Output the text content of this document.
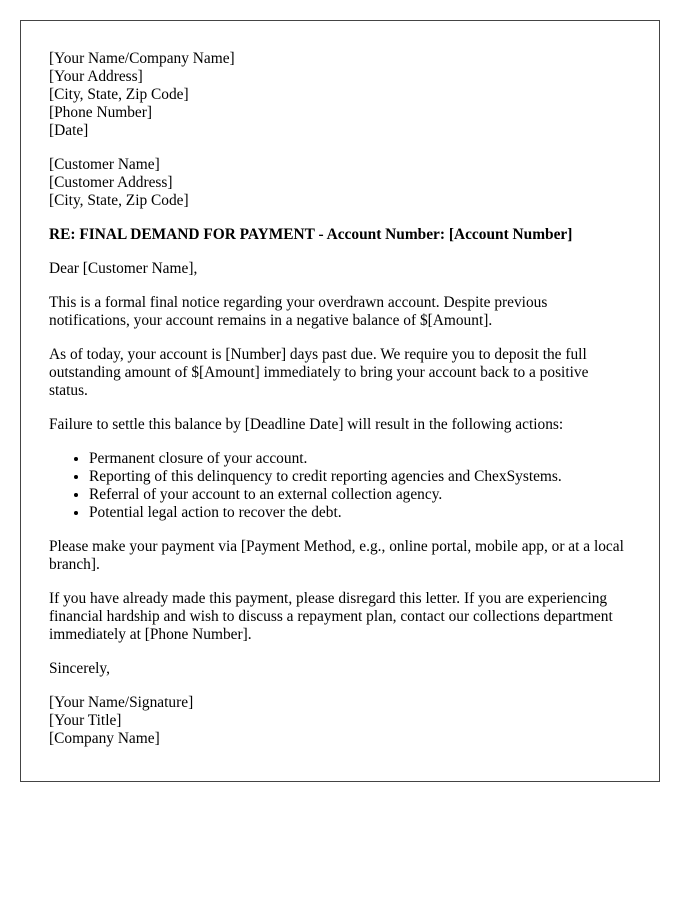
[Your Name/Company Name]
[Your Address]
[City, State, Zip Code]
[Phone Number]
[Date]
[Customer Name]
[Customer Address]
[City, State, Zip Code]
RE: FINAL DEMAND FOR PAYMENT - Account Number: [Account Number]

Dear [Customer Name],

This is a formal final notice regarding your overdrawn account. Despite previous notifications, your account remains in a negative balance of $[Amount].

As of today, your account is [Number] days past due. We require you to deposit the full outstanding amount of $[Amount] immediately to bring your account back to a positive status.

Failure to settle this balance by [Deadline Date] will result in the following actions:

• Permanent closure of your account.
• Reporting of this delinquency to credit reporting agencies and ChexSystems.
• Referral of your account to an external collection agency.
• Potential legal action to recover the debt.

Please make your payment via [Payment Method, e.g., online portal, mobile app, or at a local branch].

If you have already made this payment, please disregard this letter. If you are experiencing financial hardship and wish to discuss a repayment plan, contact our collections department immediately at [Phone Number].

Sincerely,

[Your Name/Signature]
[Your Title]
[Company Name]
